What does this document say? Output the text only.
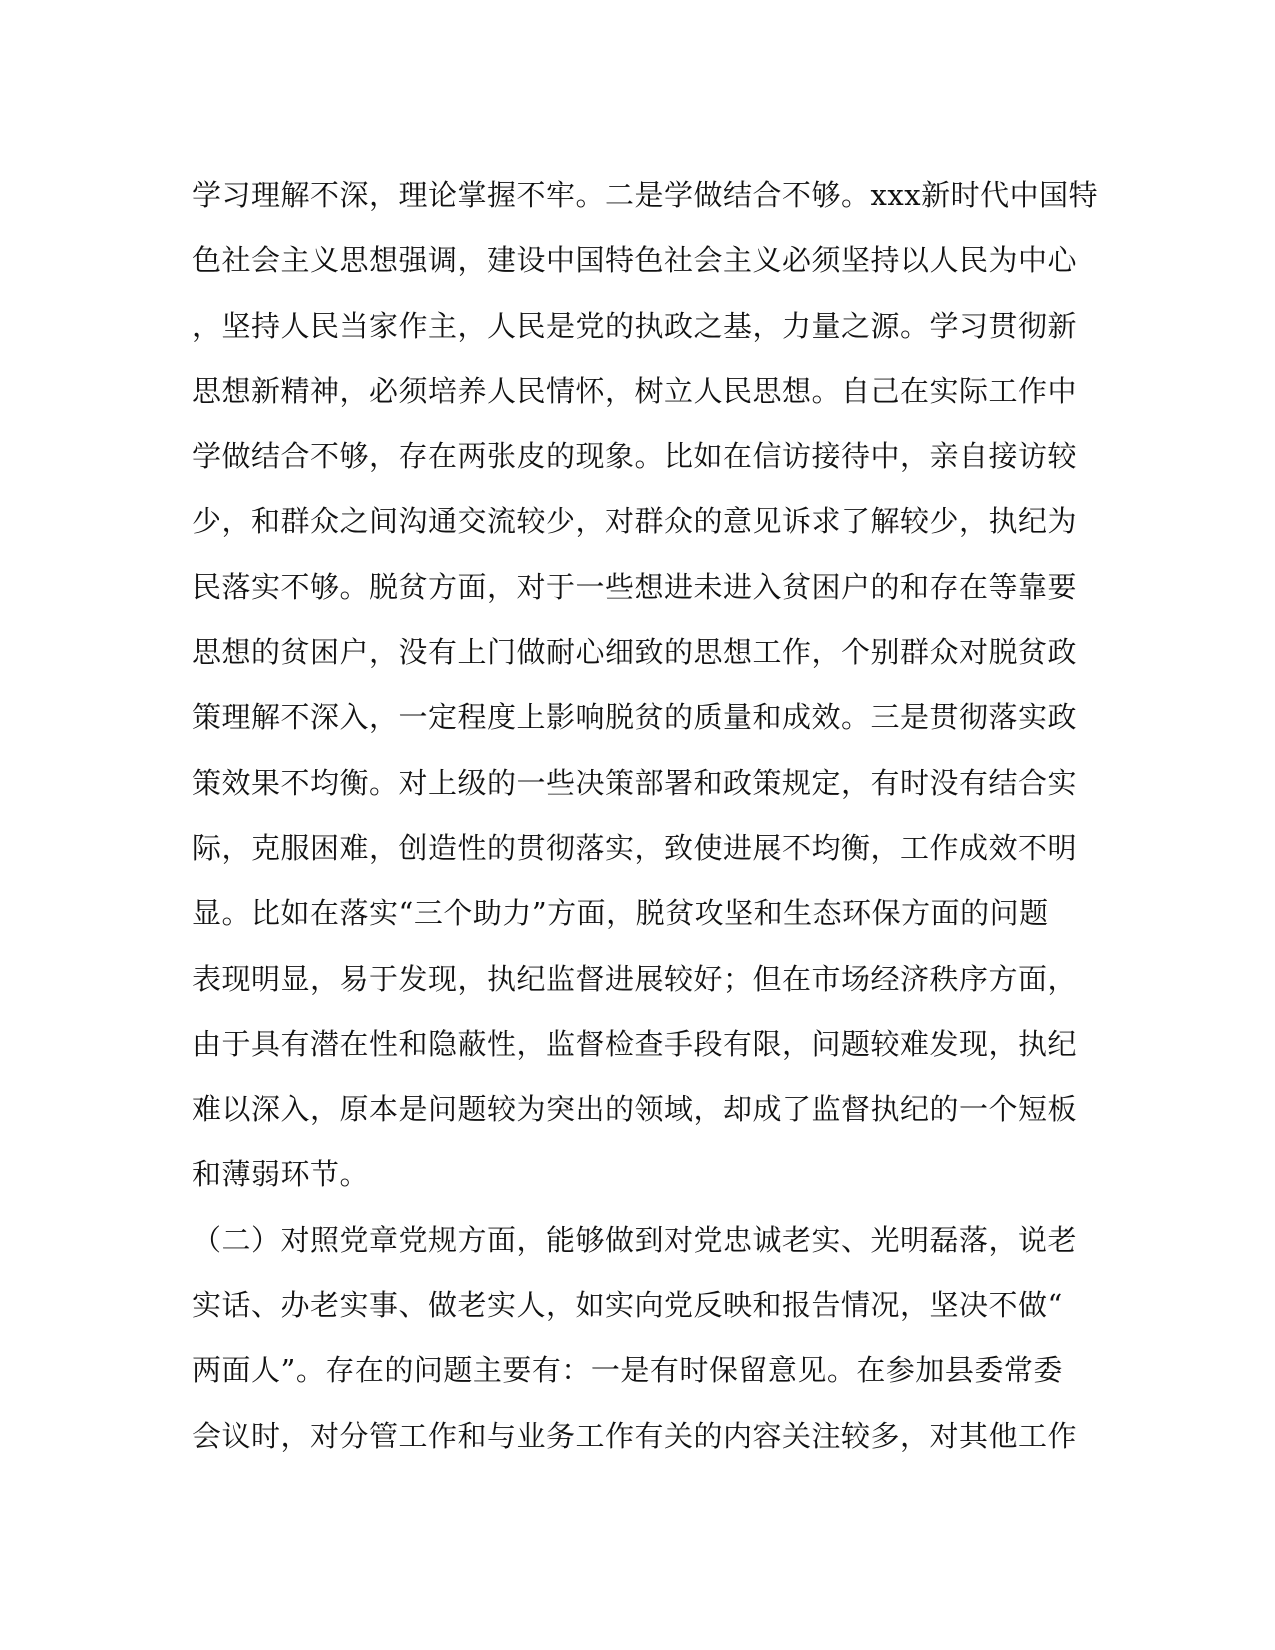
学习理解不深，理论掌握不牢。二是学做结合不够。xxx新时代中国特
色社会主义思想强调，建设中国特色社会主义必须坚持以人民为中心
，坚持人民当家作主，人民是党的执政之基，力量之源。学习贯彻新
思想新精神，必须培养人民情怀，树立人民思想。自己在实际工作中
学做结合不够，存在两张皮的现象。比如在信访接待中，亲自接访较
少，和群众之间沟通交流较少，对群众的意见诉求了解较少，执纪为
民落实不够。脱贫方面，对于一些想进未进入贫困户的和存在等靠要
思想的贫困户，没有上门做耐心细致的思想工作，个别群众对脱贫政
策理解不深入，一定程度上影响脱贫的质量和成效。三是贯彻落实政
策效果不均衡。对上级的一些决策部署和政策规定，有时没有结合实
际，克服困难，创造性的贯彻落实，致使进展不均衡，工作成效不明
显。比如在落实“三个助力”方面，脱贫攻坚和生态环保方面的问题
表现明显，易于发现，执纪监督进展较好；但在市场经济秩序方面，
由于具有潜在性和隐蔽性，监督检查手段有限，问题较难发现，执纪
难以深入，原本是问题较为突出的领域，却成了监督执纪的一个短板
和薄弱环节。
（二）对照党章党规方面，能够做到对党忠诚老实、光明磊落，说老
实话、办老实事、做老实人，如实向党反映和报告情况，坚决不做“
两面人”。存在的问题主要有：一是有时保留意见。在参加县委常委
会议时，对分管工作和与业务工作有关的内容关注较多，对其他工作
